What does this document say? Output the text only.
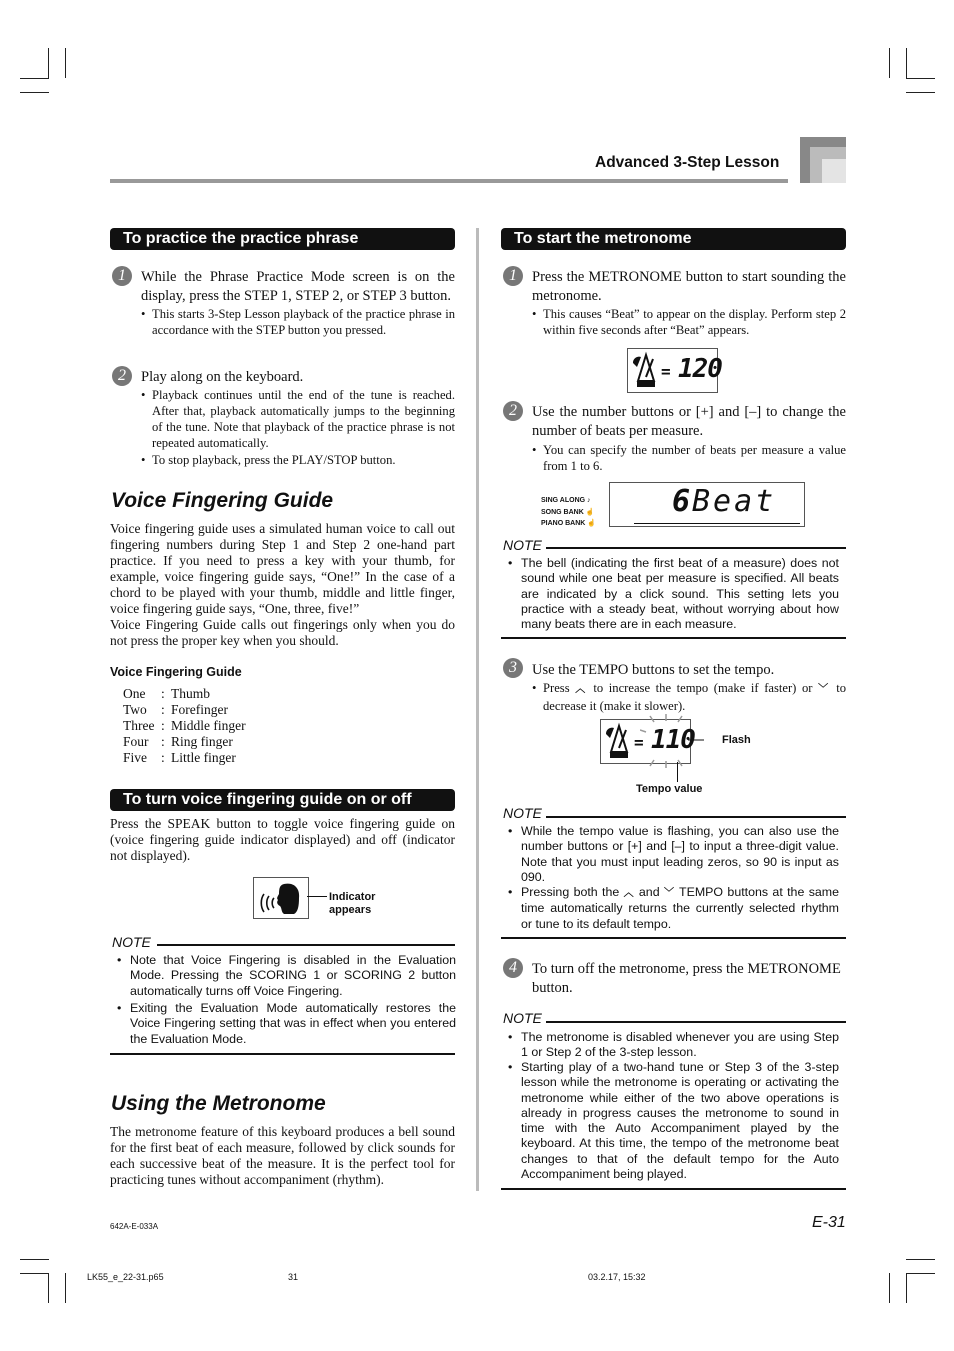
Advanced 3-Step Lesson
To practice the practice phrase
1	While the Phrase Practice Mode screen is on the display, press the STEP 1, STEP 2, or STEP 3 button.
• This starts 3-Step Lesson playback of the practice phrase in accordance with the STEP button you pressed.
2	Play along on the keyboard.
• Playback continues until the end of the tune is reached. After that, playback automatically jumps to the beginning of the tune. Note that playback of the practice phrase is not repeated automatically.
• To stop playback, press the PLAY/STOP button.
Voice Fingering Guide
Voice fingering guide uses a simulated human voice to call out fingering numbers during Step 1 and Step 2 one-hand part practice. If you need to press a key with your thumb, for example, voice fingering guide says, “One!” In the case of a chord to be played with your thumb, middle and little finger, voice fingering guide says, “One, three, five!”
Voice Fingering Guide calls out fingerings only when you do not press the proper key when you should.
Voice Fingering Guide
One : Thumb
Two : Forefinger
Three : Middle finger
Four : Ring finger
Five : Little finger
To turn voice fingering guide on or off
Press the SPEAK button to toggle voice fingering guide on (voice fingering guide indicator displayed) and off (indicator not displayed).
Indicator
appears
NOTE
• Note that Voice Fingering is disabled in the Evaluation Mode. Pressing the SCORING 1 or SCORING 2 button automatically turns off Voice Fingering.
• Exiting the Evaluation Mode automatically restores the Voice Fingering setting that was in effect when you entered the Evaluation Mode.
Using the Metronome
The metronome feature of this keyboard produces a bell sound for the first beat of each measure, followed by click sounds for each successive beat of the measure. It is the perfect tool for practicing tunes without accompaniment (rhythm).
To start the metronome
1	Press the METRONOME button to start sounding the metronome.
• This causes “Beat” to appear on the display. Perform step 2 within five seconds after “Beat” appears.
= 120
2	Use the number buttons or [+] and [–] to change the number of beats per measure.
• You can specify the number of beats per measure a value from 1 to 6.
SING ALONG ♪
SONG BANK ☝
PIANO BANK ☝
6 Beat
NOTE
• The bell (indicating the first beat of a measure) does not sound while one beat per measure is specified. All beats are indicated by a click sound. This setting lets you practice with a steady beat, without worrying about how many beats there are in each measure.
3	Use the TEMPO buttons to set the tempo.
• Press ︿ to increase the tempo (make if faster) or ﹀ to decrease it (make it slower).
= 110 Flash
Tempo value
NOTE
• While the tempo value is flashing, you can also use the number buttons or [+] and [–] to input a three-digit value. Note that you must input leading zeros, so 90 is input as 090.
• Pressing both the ︿ and ﹀ TEMPO buttons at the same time automatically returns the currently selected rhythm or tune to its default tempo.
4	To turn off the metronome, press the METRONOME button.
NOTE
• The metronome is disabled whenever you are using Step 1 or Step 2 of the 3-step lesson.
• Starting play of a two-hand tune or Step 3 of the 3-step lesson while the metronome is operating or activating the metronome while either of the two above operations is already in progress causes the metronome to sound in time with the Auto Accompaniment played by the keyboard. At this time, the tempo of the metronome beat changes to that of the default tempo for the Auto Accompaniment being played.
642A-E-033A	E-31
LK55_e_22-31.p65	31	03.2.17, 15:32
